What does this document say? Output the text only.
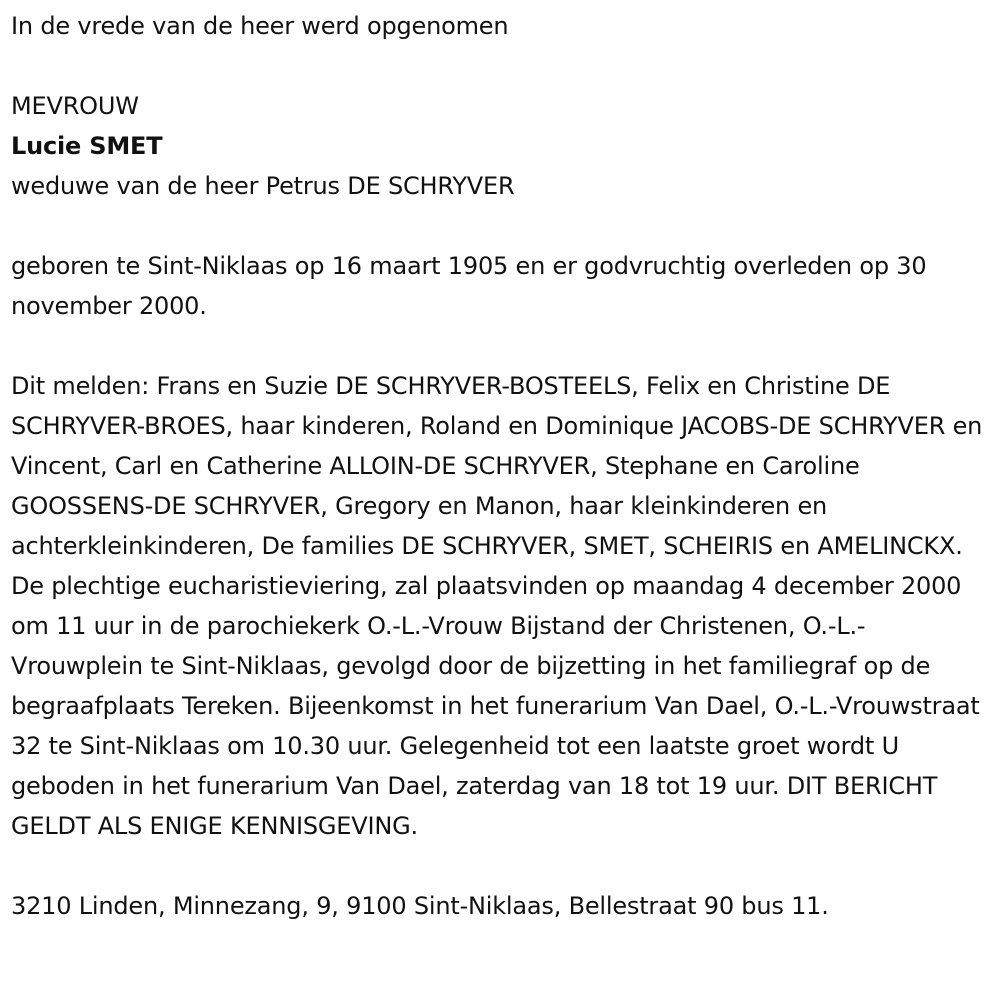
In de vrede van de heer werd opgenomen

MEVROUW

Lucie SMET

weduwe van de heer Petrus DE SCHRYVER

geboren te Sint-Niklaas op 16 maart 1905 en er godvruchtig overleden op 30 november 2000.

Dit melden: Frans en Suzie DE SCHRYVER-BOSTEELS, Felix en Christine DE SCHRYVER-BROES, haar kinderen, Roland en Dominique JACOBS-DE SCHRYVER en Vincent, Carl en Catherine ALLOIN-DE SCHRYVER, Stephane en Caroline GOOSSENS-DE SCHRYVER, Gregory en Manon, haar kleinkinderen en achterkleinkinderen, De families DE SCHRYVER, SMET, SCHEIRIS en AMELINCKX. De plechtige eucharistieviering, zal plaatsvinden op maandag 4 december 2000 om 11 uur in de parochiekerk O.-L.-Vrouw Bijstand der Christenen, O.-L.-Vrouwplein te Sint-Niklaas, gevolgd door de bijzetting in het familiegraf op de begraafplaats Tereken. Bijeenkomst in het funerarium Van Dael, O.-L.-Vrouwstraat 32 te Sint-Niklaas om 10.30 uur. Gelegenheid tot een laatste groet wordt U geboden in het funerarium Van Dael, zaterdag van 18 tot 19 uur. DIT BERICHT GELDT ALS ENIGE KENNISGEVING.

3210 Linden, Minnezang, 9, 9100 Sint-Niklaas, Bellestraat 90 bus 11.
